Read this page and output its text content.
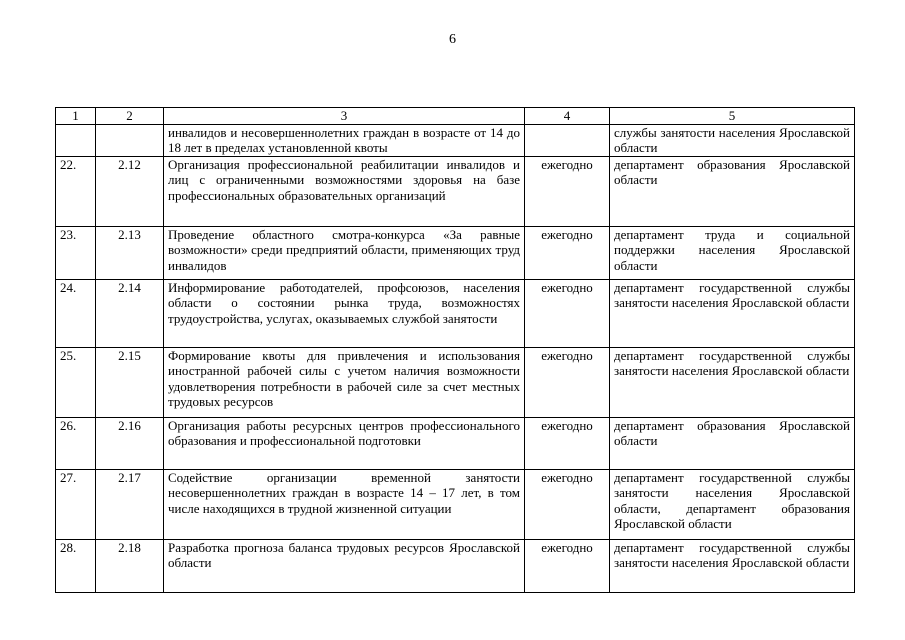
6
1	2	3	4	5
		инвалидов и несовершеннолетних граждан в возрасте от 14 до 18 лет в пределах установленной квоты		службы занятости населения Ярославской области
22.	2.12	Организация профессиональной реабилитации инвалидов и лиц с ограниченными возможностями здоровья на базе профессиональных образовательных организаций	ежегодно	департамент образования Ярославской области
23.	2.13	Проведение областного смотра-конкурса «За равные возможности» среди предприятий области, применяющих труд инвалидов	ежегодно	департамент труда и социальной поддержки населения Ярославской области
24.	2.14	Информирование работодателей, профсоюзов, населения области о состоянии рынка труда, возможностях трудоустройства, услугах, оказываемых службой занятости	ежегодно	департамент государственной службы занятости населения Ярославской области
25.	2.15	Формирование квоты для привлечения и использования иностранной рабочей силы с учетом наличия возможности удовлетворения потребности в рабочей силе за счет местных трудовых ресурсов	ежегодно	департамент государственной службы занятости населения Ярославской области
26.	2.16	Организация работы ресурсных центров профессионального образования и профессиональной подготовки	ежегодно	департамент образования Ярославской области
27.	2.17	Содействие организации временной занятости несовершеннолетних граждан в возрасте 14 – 17 лет, в том числе находящихся в трудной жизненной ситуации	ежегодно	департамент государственной службы занятости населения Ярославской области, департамент образования Ярославской области
28.	2.18	Разработка прогноза баланса трудовых ресурсов Ярославской области	ежегодно	департамент государственной службы занятости населения Ярославской области
